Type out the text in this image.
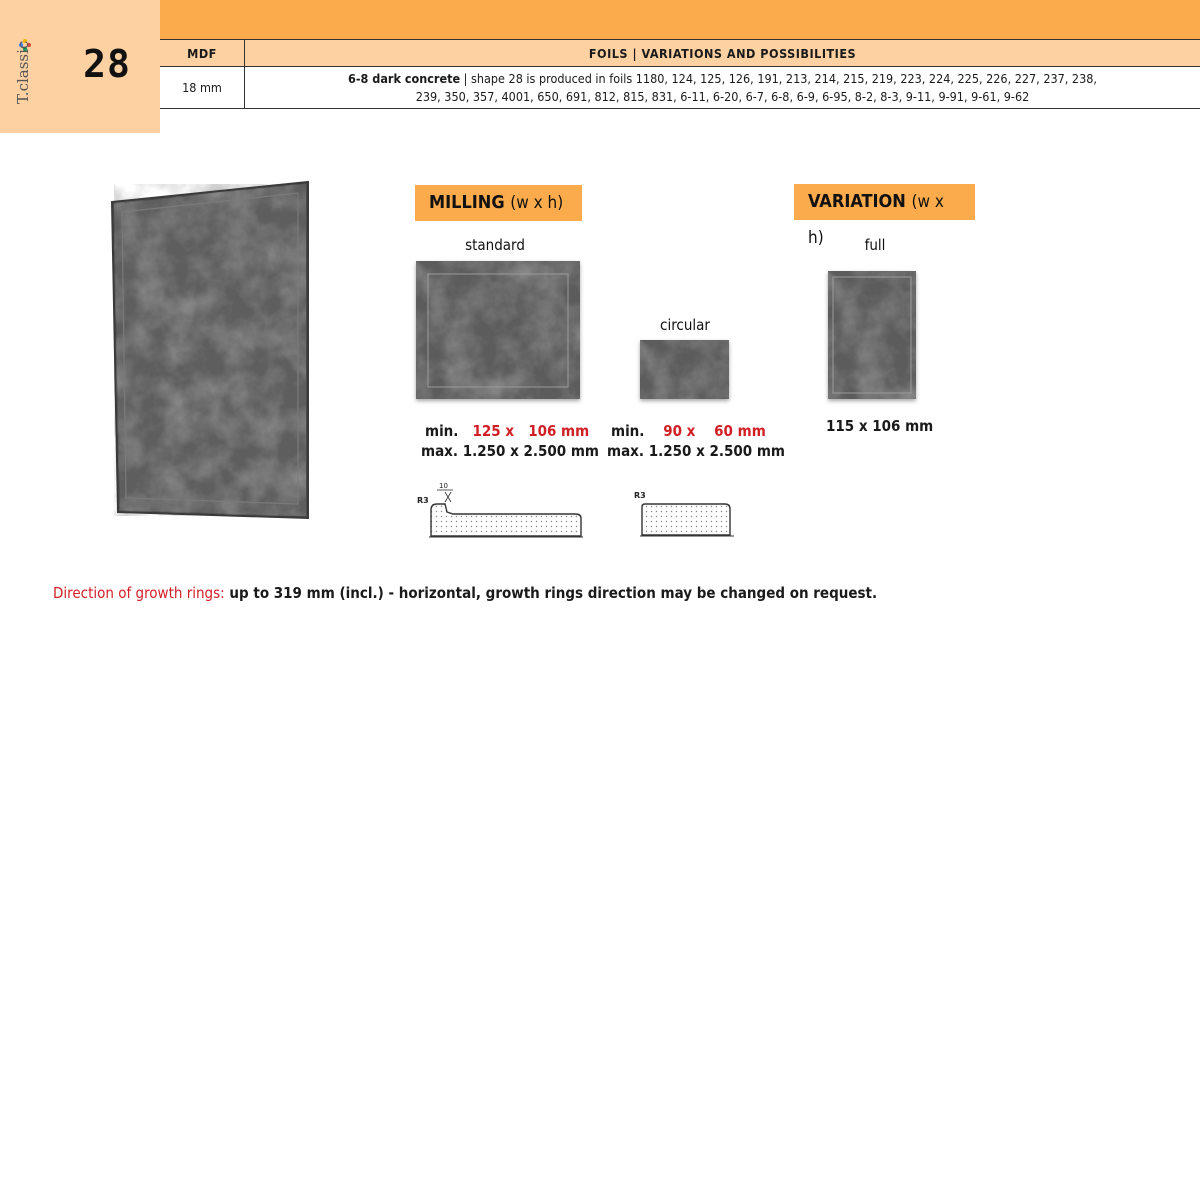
T.classic	28	MDF	FOILS | VARIATIONS AND POSSIBILITIES
18 mm	6-8 dark concrete | shape 28 is produced in foils 1180, 124, 125, 126, 191, 213, 214, 215, 219, 223, 224, 225, 226, 227, 237, 238,
239, 350, 357, 4001, 650, 691, 812, 815, 831, 6-11, 6-20, 6-7, 6-8, 6-9, 6-95, 8-2, 8-3, 9-11, 9-91, 9-61, 9-62
MILLING (w x h)	VARIATION (w x h)
standard
circular
full
min. 125 x 106 mm
max. 1.250 x 2.500 mm
min. 90 x 60 mm
max. 1.250 x 2.500 mm
115 x 106 mm
R3
10
R3
Direction of growth rings: up to 319 mm (incl.) - horizontal, growth rings direction may be changed on request.
